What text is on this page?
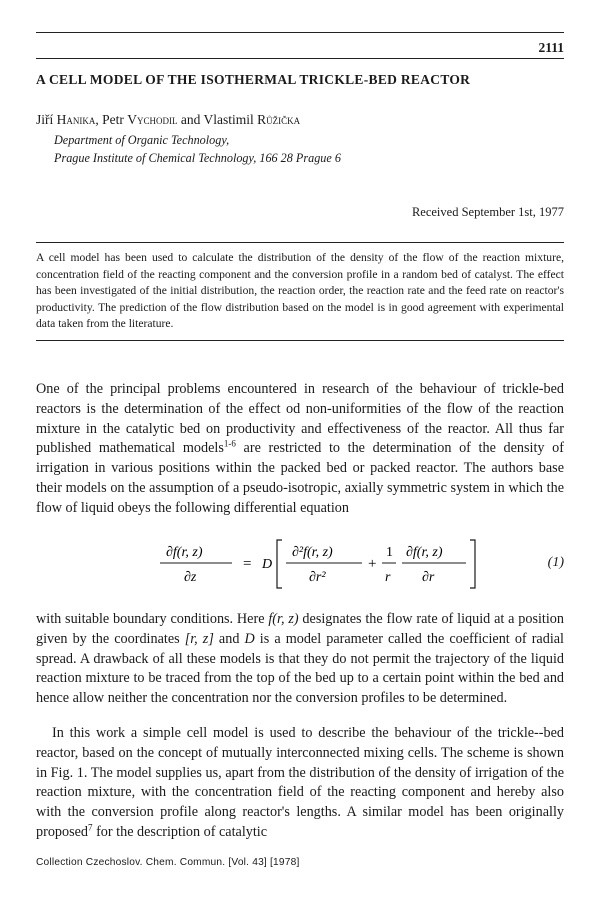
2111
A CELL MODEL OF THE ISOTHERMAL TRICKLE-BED REACTOR
Jiří Hanika, Petr Vychodil and Vlastimil Růžička
Department of Organic Technology,
Prague Institute of Chemical Technology, 166 28 Prague 6
Received September 1st, 1977
A cell model has been used to calculate the distribution of the density of the flow of the reaction mixture, concentration field of the reacting component and the conversion profile in a random bed of catalyst. The effect has been investigated of the initial distribution, the reaction order, the reaction rate and the feed rate on reactor's productivity. The prediction of the flow distribution based on the model is in good agreement with experimental data taken from the literature.
One of the principal problems encountered in research of the behaviour of trickle-bed reactors is the determination of the effect od non-uniformities of the flow of the reaction mixture in the catalytic bed on productivity and effectiveness of the reactor. All thus far published mathematical models$^{1-6}$ are restricted to the determination of the density of irrigation in various positions within the packed bed or packed reactor. The authors base their models on the assumption of a pseudo-isotropic, axially symmetric system in which the flow of liquid obeys the following differential equation
∂f(r, z)
∂z
= D
∂²f(r, z)
∂r²
+
1
r
∂f(r, z)
∂r
(1)
with suitable boundary conditions. Here f(r, z) designates the flow rate of liquid at a position given by the coordinates [r, z] and D is a model parameter called the coefficient of radial spread. A drawback of all these models is that they do not permit the trajectory of the liquid reaction mixture to be traced from the top of the bed up to a certain point within the bed and hence allow neither the concentration nor the conversion profiles to be determined.
In this work a simple cell model is used to describe the behaviour of the trickle--bed reactor, based on the concept of mutually interconnected mixing cells. The scheme is shown in Fig. 1. The model supplies us, apart from the distribution of the density of irrigation of the reaction mixture, with the concentration field of the reacting component and hereby also with the conversion profile along reactor's lengths. A similar model has been originally proposed$^7$ for the description of catalytic
Collection Czechoslov. Chem. Commun. [Vol. 43] [1978]
